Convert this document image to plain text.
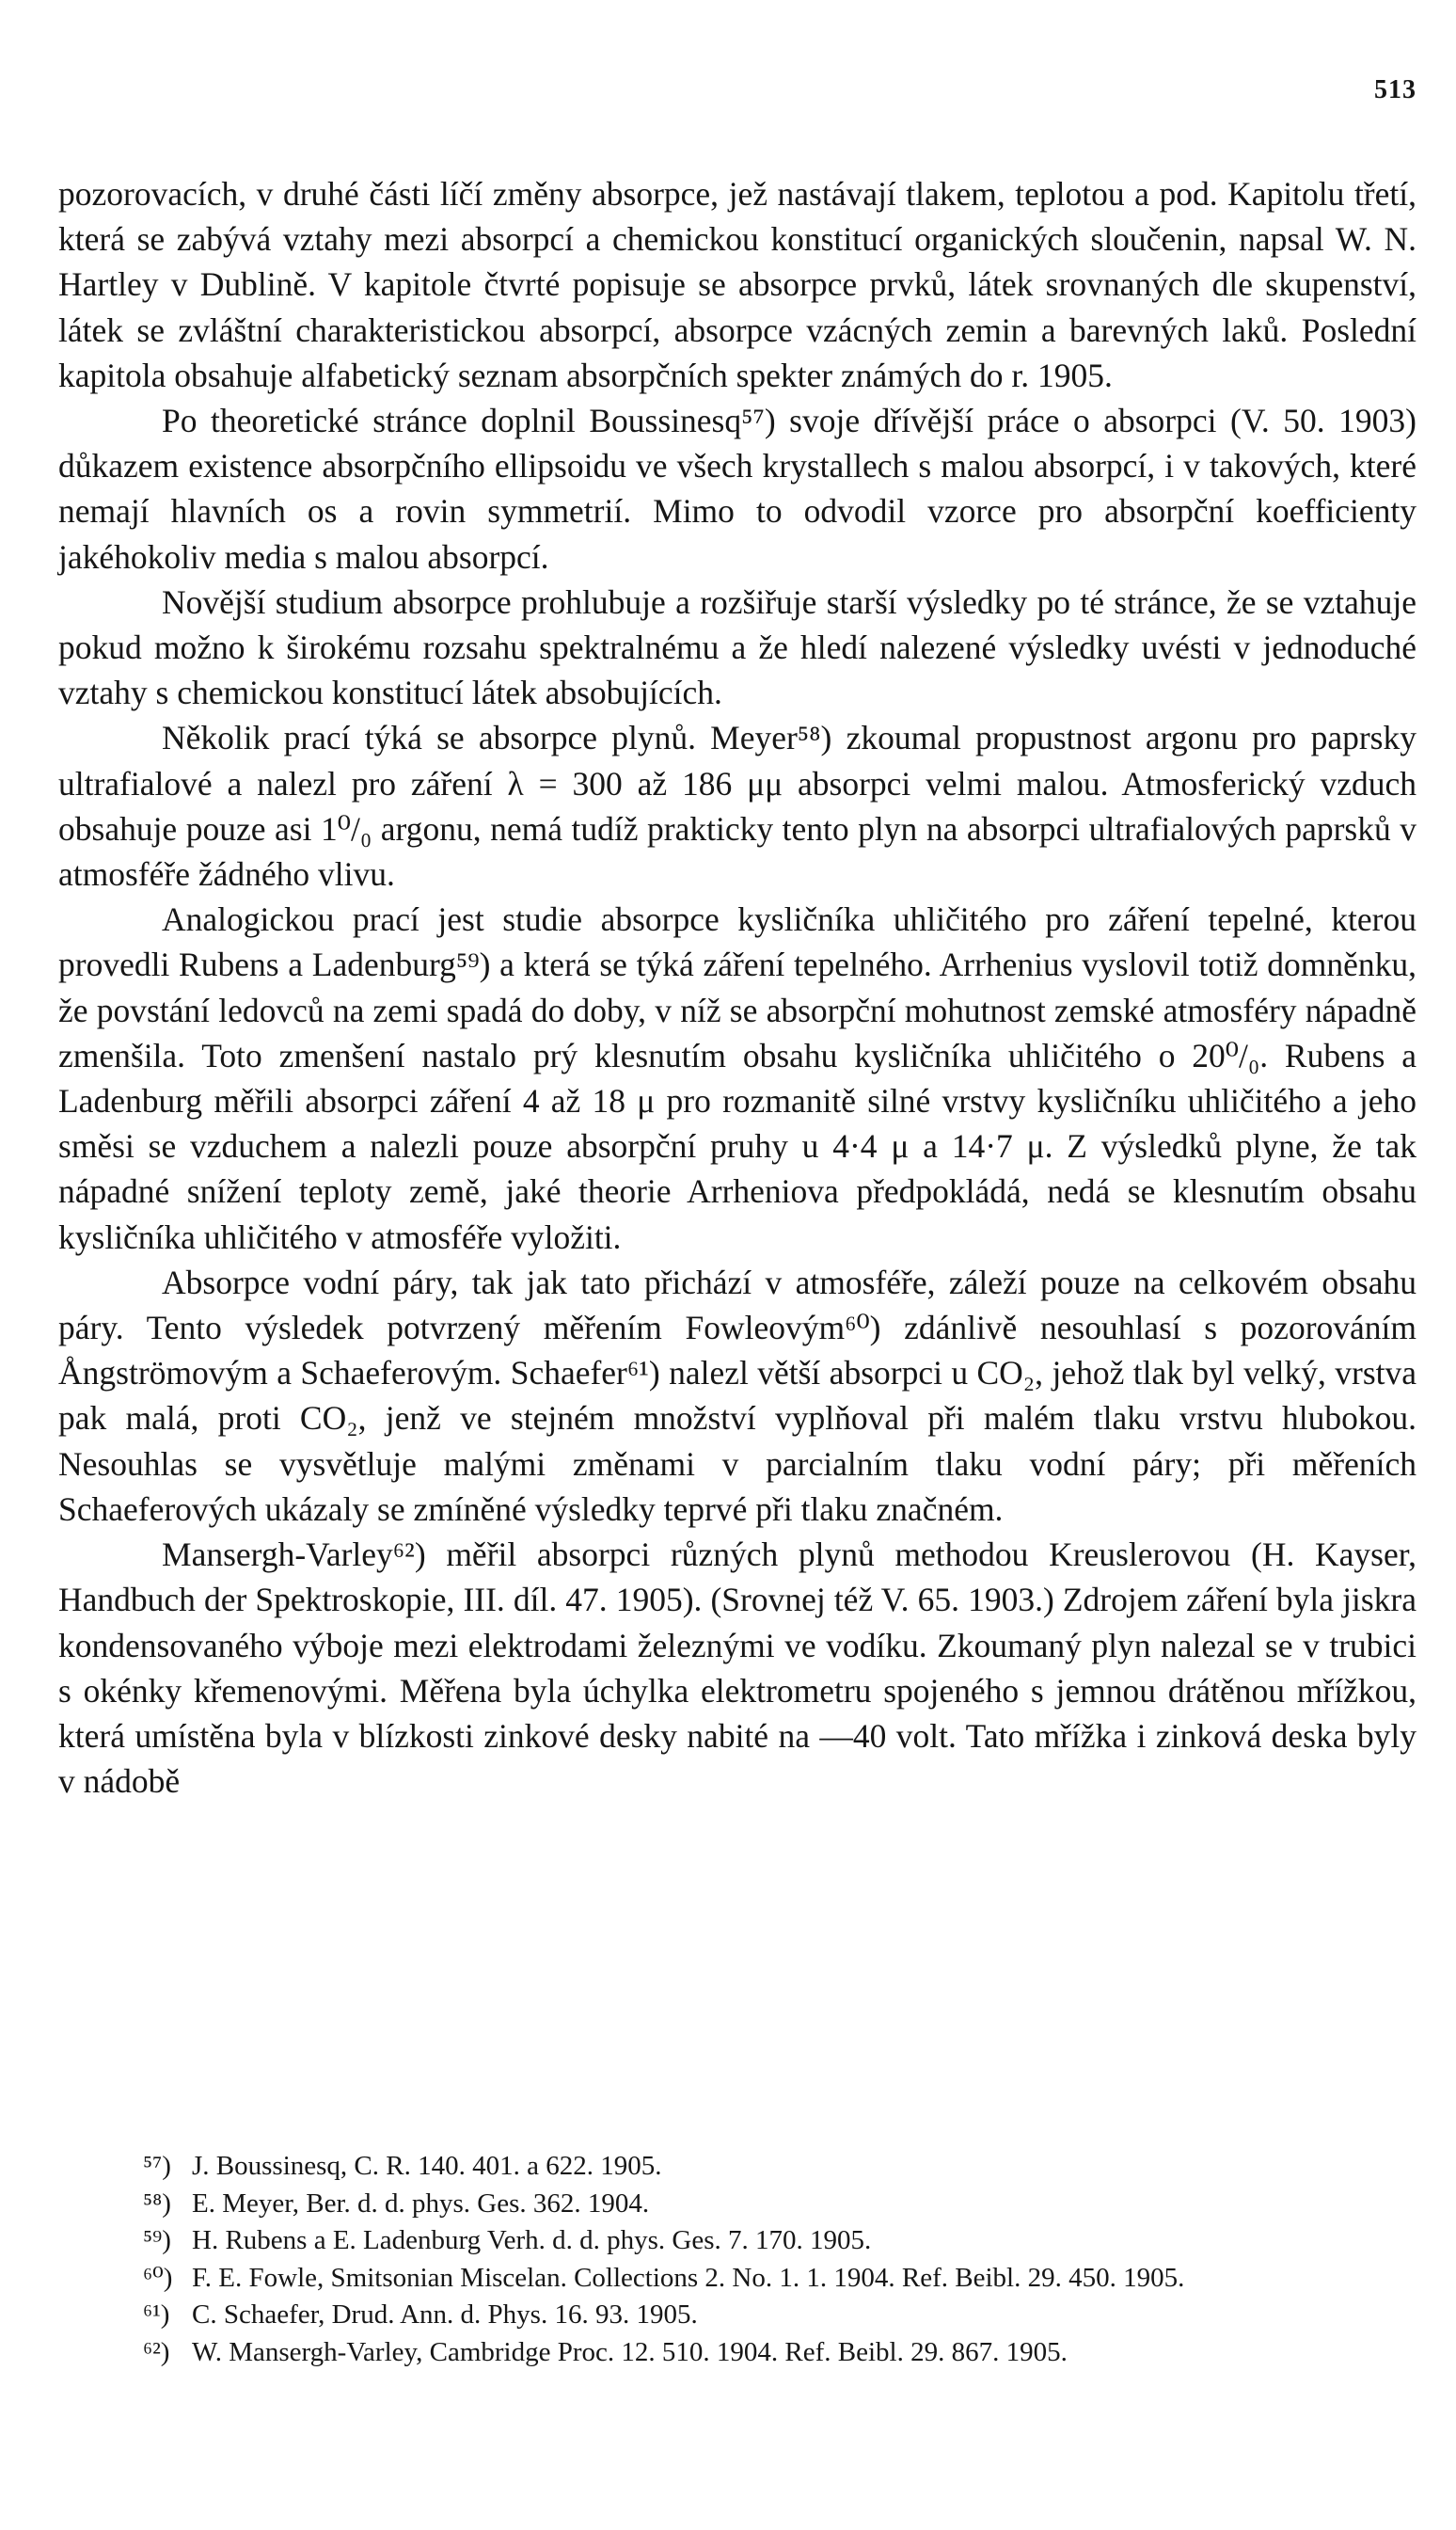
513

pozorovacích, v druhé části líčí změny absorpce, jež nastávají tlakem, teplotou a pod. Kapitolu třetí, která se zabývá vztahy mezi absorpcí a chemickou konstitucí organických sloučenin, napsal W. N. Hartley v Dublině. V kapitole čtvrté popisuje se absorpce prvků, látek srovnaných dle skupenství, látek se zvláštní charakteristickou absorpcí, absorpce vzácných zemin a barevných laků. Poslední kapitola obsahuje alfabetický seznam absorpčních spekter známých do r. 1905.

Po theoretické stránce doplnil Boussinesq⁵⁷) svoje dřívější práce o absorpci (V. 50. 1903) důkazem existence absorpčního ellipsoidu ve všech krystallech s malou absorpcí, i v takových, které nemají hlavních os a rovin symmetrií. Mimo to odvodil vzorce pro absorpční koefficienty jakéhokoliv media s malou absorpcí.

Novější studium absorpce prohlubuje a rozšiřuje starší výsledky po té stránce, že se vztahuje pokud možno k širokému rozsahu spektralnému a že hledí nalezené výsledky uvésti v jednoduché vztahy s chemickou konstitucí látek absobujících.

Několik prací týká se absorpce plynů. Meyer⁵⁸) zkoumal propustnost argonu pro paprsky ultrafialové a nalezl pro záření λ = 300 až 186 μμ absorpci velmi malou. Atmosferický vzduch obsahuje pouze asi 1⁰/₀ argonu, nemá tudíž prakticky tento plyn na absorpci ultrafialových paprsků v atmosféře žádného vlivu.

Analogickou prací jest studie absorpce kysličníka uhličitého pro záření tepelné, kterou provedli Rubens a Ladenburg⁵⁹) a která se týká záření tepelného. Arrhenius vyslovil totiž domněnku, že povstání ledovců na zemi spadá do doby, v níž se absorpční mohutnost zemské atmosféry nápadně zmenšila. Toto zmenšení nastalo prý klesnutím obsahu kysličníka uhličitého o 20⁰/₀. Rubens a Ladenburg měřili absorpci záření 4 až 18 μ pro rozmanitě silné vrstvy kysličníku uhličitého a jeho směsi se vzduchem a nalezli pouze absorpční pruhy u 4·4 μ a 14·7 μ. Z výsledků plyne, že tak nápadné snížení teploty země, jaké theorie Arrheniova předpokládá, nedá se klesnutím obsahu kysličníka uhličitého v atmosféře vyložiti.

Absorpce vodní páry, tak jak tato přichází v atmosféře, záleží pouze na celkovém obsahu páry. Tento výsledek potvrzený měřením Fowleovým⁶⁰) zdánlivě nesouhlasí s pozorováním Ångströmovým a Schaeferovým. Schaefer⁶¹) nalezl větší absorpci u CO₂, jehož tlak byl velký, vrstva pak malá, proti CO₂, jenž ve stejném množství vyplňoval při malém tlaku vrstvu hlubokou. Nesouhlas se vysvětluje malými změnami v parcialním tlaku vodní páry; při měřeních Schaeferových ukázaly se zmíněné výsledky teprvé při tlaku značném.

Mansergh-Varley⁶²) měřil absorpci různých plynů methodou Kreuslerovou (H. Kayser, Handbuch der Spektroskopie, III. díl. 47. 1905). (Srovnej též V. 65. 1903.) Zdrojem záření byla jiskra kondensovaného výboje mezi elektrodami železnými ve vodíku. Zkoumaný plyn nalezal se v trubici s okénky křemenovými. Měřena byla úchylka elektrometru spojeného s jemnou drátěnou mřížkou, která umístěna byla v blízkosti zinkové desky nabité na —40 volt. Tato mřížka i zinková deska byly v nádobě

⁵⁷) J. Boussinesq, C. R. 140. 401. a 622. 1905.

⁵⁸) E. Meyer, Ber. d. d. phys. Ges. 362. 1904.

⁵⁹) H. Rubens a E. Ladenburg Verh. d. d. phys. Ges. 7. 170. 1905.

⁶⁰) F. E. Fowle, Smitsonian Miscelan. Collections 2. No. 1. 1. 1904. Ref. Beibl. 29. 450. 1905.

⁶¹) C. Schaefer, Drud. Ann. d. Phys. 16. 93. 1905.

⁶²) W. Mansergh-Varley, Cambridge Proc. 12. 510. 1904. Ref. Beibl. 29. 867. 1905.
